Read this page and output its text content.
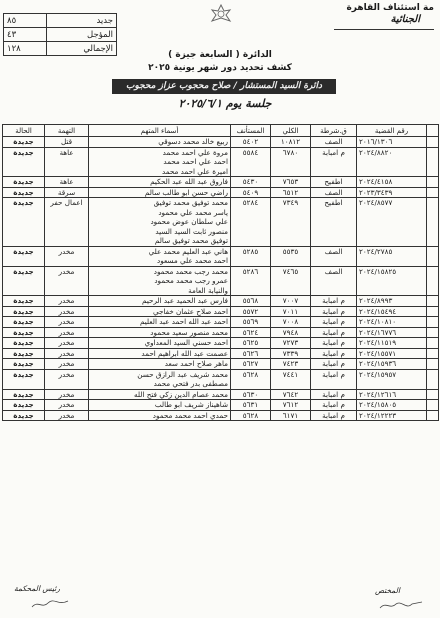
مة استئناف القاهرة
الجنائية
جديد	٨٥
المؤجل	٤٣
الإجمالي	١٢٨
الدائرة ( السابعة جيزة )
كشف تحديد دور شهر يونية ٢٠٢٥
دائرة السيد المستشار / صلاح محجوب عزاز محجوب
جلسة يوم ٢٠٢٥/٦/١
	رقم القضية	ق.شرطة	الكلي	المستأنف	أسماء المتهم	التهمة	الحالة
	٢٠١٦/١٣٠٦	الصف	١٠٨١٢	٥٤٠٢	ربيع خالد محمد دسوقي	قتل	جديدة
	٢٠٢٤/٨٨٢٠	م امبابة	٦٧٨٠	٥٥٨٤	مروة علي احمد محمد
احمد علي احمد محمد
اميرة علي احمد محمد	عاهة	جديدة
	٢٠٢٤/٤١٥٨	اطفيح	٧٦٥٣	٥٤٣٠	فاروق عبد الله عبد الحكيم	عاهة	جديدة
	٢٠٢٣/٣٤٣٩	الصف	٦٥١٢	٥٤٠٩	راضي حسن ابو طالب سالم	سرقة	جديدة
	٢٠٢٤/٨٥٧٧	اطفيح	٧٣٤٩	٥٢٨٤	محمد توفيق محمد توفيق
ياسر محمد علي محمود
علي سلطان عوض محمود
منصور ثابت السيد السيد
توفيق محمد توفيق سالم	اعمال حفر	جديدة
	٢٠٢٤/٢٧٨٥	الصف	٥٥٣٥	٥٢٨٥	هاني عبد العليم محمد علي
احمد محمد علي مسعود	مخدر	جديدة
	٢٠٢٤/١٥٨٢٥	الصف	٧٤٦٥	٥٢٨٦	محمد رجب محمد محمود
عمرو رجب محمد محمود
والنيابة العامة	مخدر	جديدة
	٢٠٢٤/٨٩٩٣	م امبابة	٧٠٠٧	٥٥٦٨	فارس عبد الحميد عبد الرحيم	مخدر	جديدة
	٢٠٢٤/١٥٤٩٤	م امبابة	٧٠١١	٥٥٧٢	احمد صلاح عثمان خفاجي	مخدر	جديدة
	٢٠٢٤/١٠٨١٠	م امبابة	٧٠٠٨	٥٥٦٩	احمد عبد الله احمد عبد العليم	مخدر	جديدة
	٢٠٢٤/١٦٧٧٦	م امبابة	٧٩٤٨	٥٦٢٤	محمد منصور سعيد محمود	مخدر	جديدة
	٢٠٢٤/١١٥١٩	م امبابة	٧٢٧٣	٥٦٢٥	احمد حسني السيد المعداوي	مخدر	جديدة
	٢٠٢٤/١٥٥٧١	م امبابة	٧٣٣٩	٥٦٢٦	عصمت عبد الله ابراهيم احمد	مخدر	جديدة
	٢٠٢٤/١٥٩٣٦	م امبابة	٧٤٢٣	٥٦٢٧	ماهر صلاح احمد سعد	مخدر	جديدة
	٢٠٢٤/١٥٩٥٧	م امبابة	٧٤٤١	٥٦٢٨	محمد شريف عبد الرازق حسن
مصطفى بدر فتحي محمد	مخدر	جديدة
	٢٠٢٤/١٢٦١٦	م امبابة	٧٦٤٢	٥٦٣٠	محمد عصام الدين زكي فتح الله	مخدر	جديدة
	٢٠٢٤/١٥٨٠٥	م امبابة	٧٦١٢	٥٦٣١	شاهيناز شريف ابو طالب	مخدر	جديدة
	٢٠٢٤/١٢٢٢٣	م امبابة	٦١٧١	٥٦٢٨	حمدي احمد محمد محمود	مخدر	جديدة
رئيس المحكمة	المختص
